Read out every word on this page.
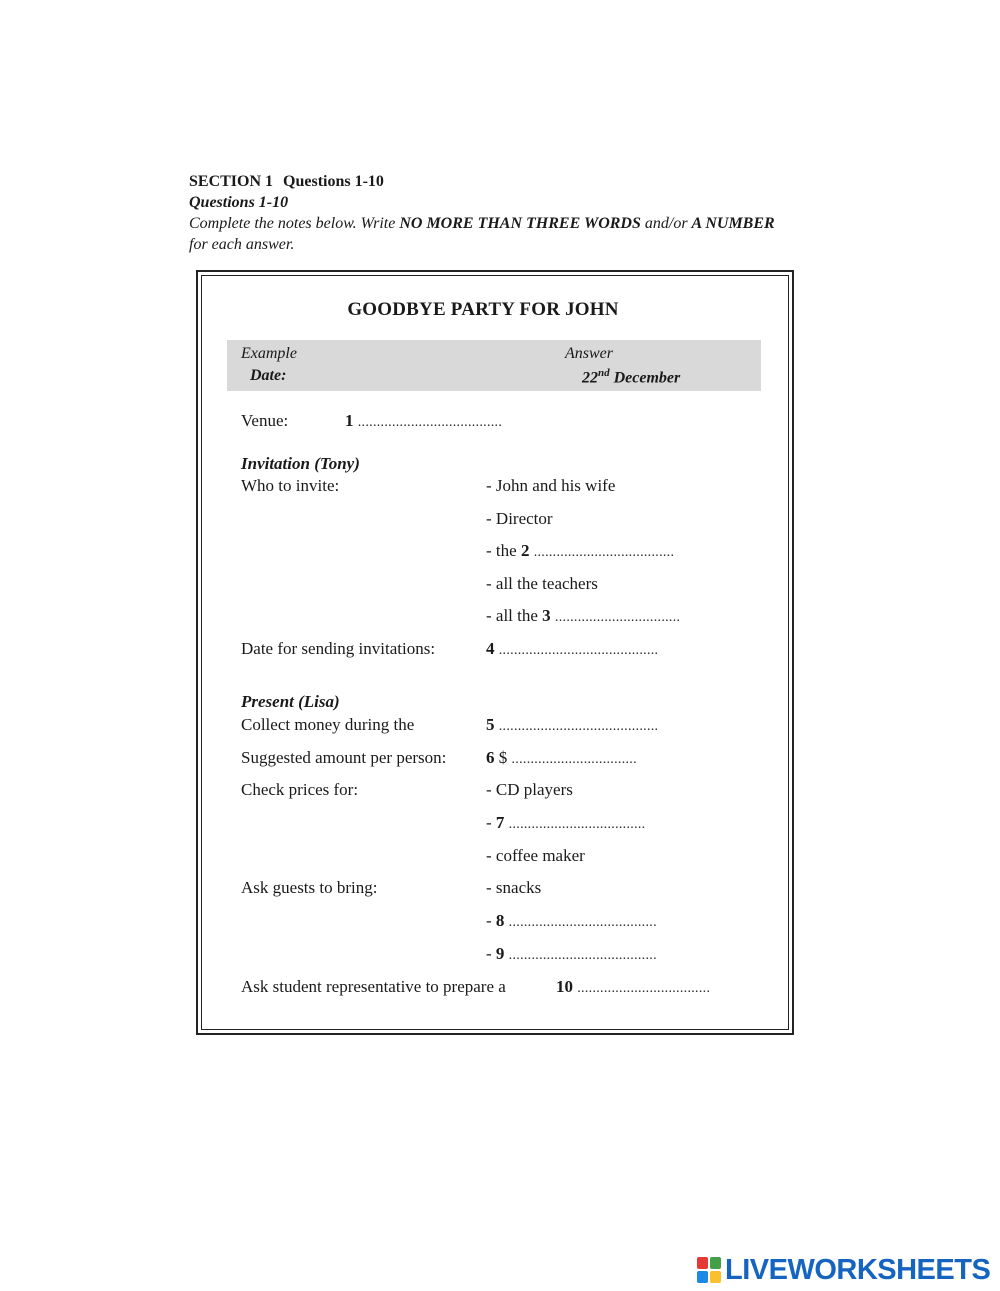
SECTION 1 Questions 1-10
Questions 1-10
Complete the notes below. Write NO MORE THAN THREE WORDS and/or A NUMBER for each answer.
GOODBYE PARTY FOR JOHN
Example	Answer
Date:	22nd December
Venue:	1 ......................................
Invitation (Tony)
Who to invite:	- John and his wife
- Director
- the 2 .....................................
- all the teachers
- all the 3 .................................
Date for sending invitations:	4 ..........................................
Present (Lisa)
Collect money during the	5 ..........................................
Suggested amount per person: 6 $ .................................
Check prices for:	- CD players
- 7 ....................................
- coffee maker
Ask guests to bring:	- snacks
- 8 .......................................
- 9 .......................................
Ask student representative to prepare a	10 ...................................
LIVEWORKSHEETS
